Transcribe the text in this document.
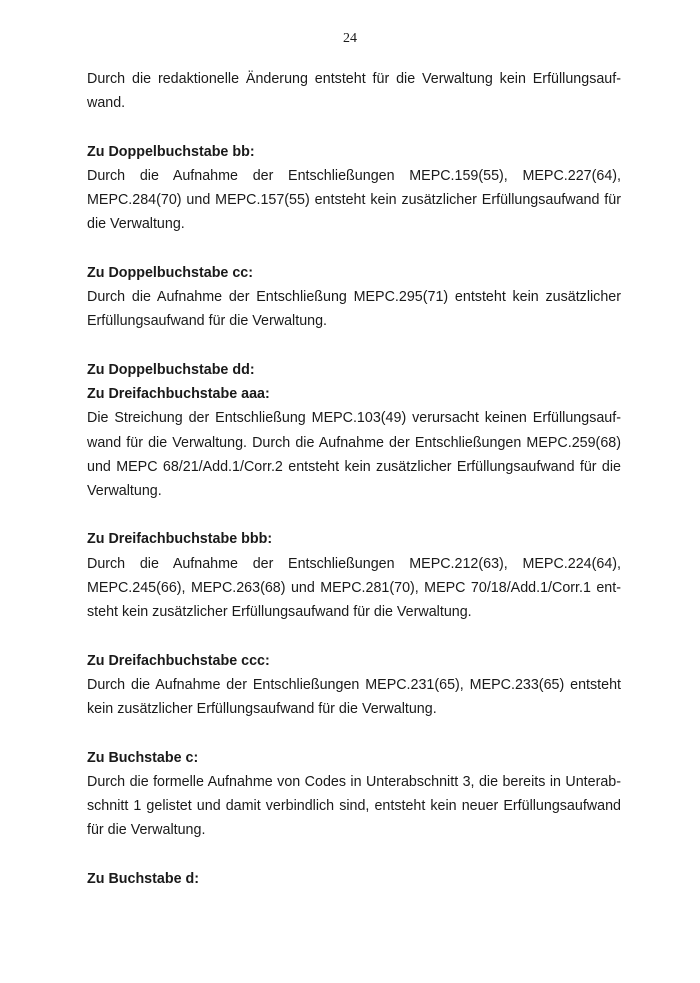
24
Durch die redaktionelle Änderung entsteht für die Verwaltung kein Erfüllungsauf-
wand.
Zu Doppelbuchstabe bb:
Durch die Aufnahme der Entschließungen MEPC.159(55), MEPC.227(64),
MEPC.284(70) und MEPC.157(55) entsteht kein zusätzlicher Erfüllungsaufwand für
die Verwaltung.
Zu Doppelbuchstabe cc:
Durch die Aufnahme der Entschließung MEPC.295(71) entsteht kein zusätzlicher
Erfüllungsaufwand für die Verwaltung.
Zu Doppelbuchstabe dd:
Zu Dreifachbuchstabe aaa:
Die Streichung der Entschließung MEPC.103(49) verursacht keinen Erfüllungsauf-
wand für die Verwaltung. Durch die Aufnahme der Entschließungen MEPC.259(68)
und MEPC 68/21/Add.1/Corr.2 entsteht kein zusätzlicher Erfüllungsaufwand für die
Verwaltung.
Zu Dreifachbuchstabe bbb:
Durch die Aufnahme der Entschließungen MEPC.212(63), MEPC.224(64),
MEPC.245(66), MEPC.263(68) und MEPC.281(70), MEPC 70/18/Add.1/Corr.1 ent-
steht kein zusätzlicher Erfüllungsaufwand für die Verwaltung.
Zu Dreifachbuchstabe ccc:
Durch die Aufnahme der Entschließungen MEPC.231(65), MEPC.233(65) entsteht
kein zusätzlicher Erfüllungsaufwand für die Verwaltung.
Zu Buchstabe c:
Durch die formelle Aufnahme von Codes in Unterabschnitt 3, die bereits in Unterab-
schnitt 1 gelistet und damit verbindlich sind, entsteht kein neuer Erfüllungsaufwand
für die Verwaltung.
Zu Buchstabe d:
